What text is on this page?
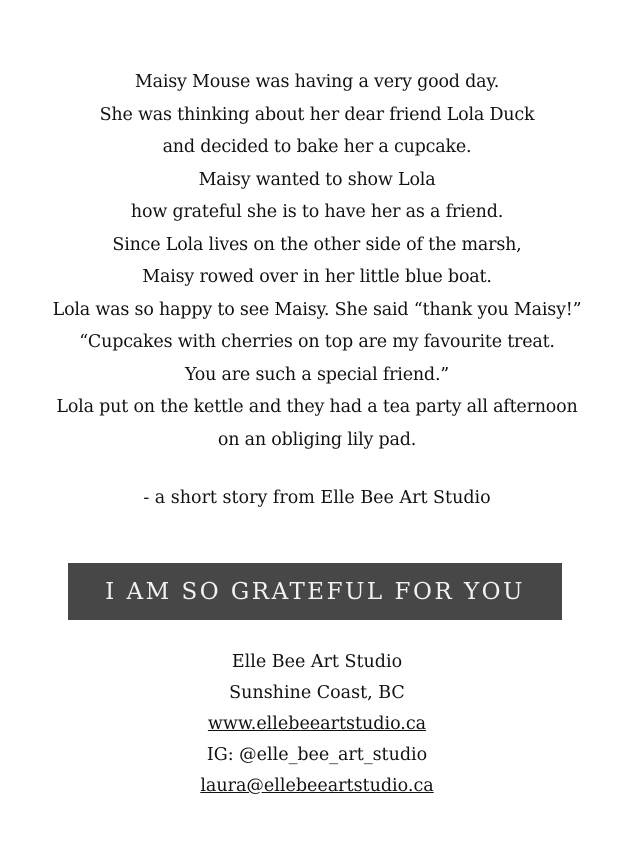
Maisy Mouse was having a very good day.
She was thinking about her dear friend Lola Duck
and decided to bake her a cupcake.
Maisy wanted to show Lola
how grateful she is to have her as a friend.
Since Lola lives on the other side of the marsh,
Maisy rowed over in her little blue boat.
Lola was so happy to see Maisy. She said “thank you Maisy!”
“Cupcakes with cherries on top are my favourite treat.
You are such a special friend.”
Lola put on the kettle and they had a tea party all afternoon
on an obliging lily pad.
- a short story from Elle Bee Art Studio
I AM SO GRATEFUL FOR YOU
Elle Bee Art Studio
Sunshine Coast, BC
www.ellebeeartstudio.ca
IG: @elle_bee_art_studio
laura@ellebeeartstudio.ca
